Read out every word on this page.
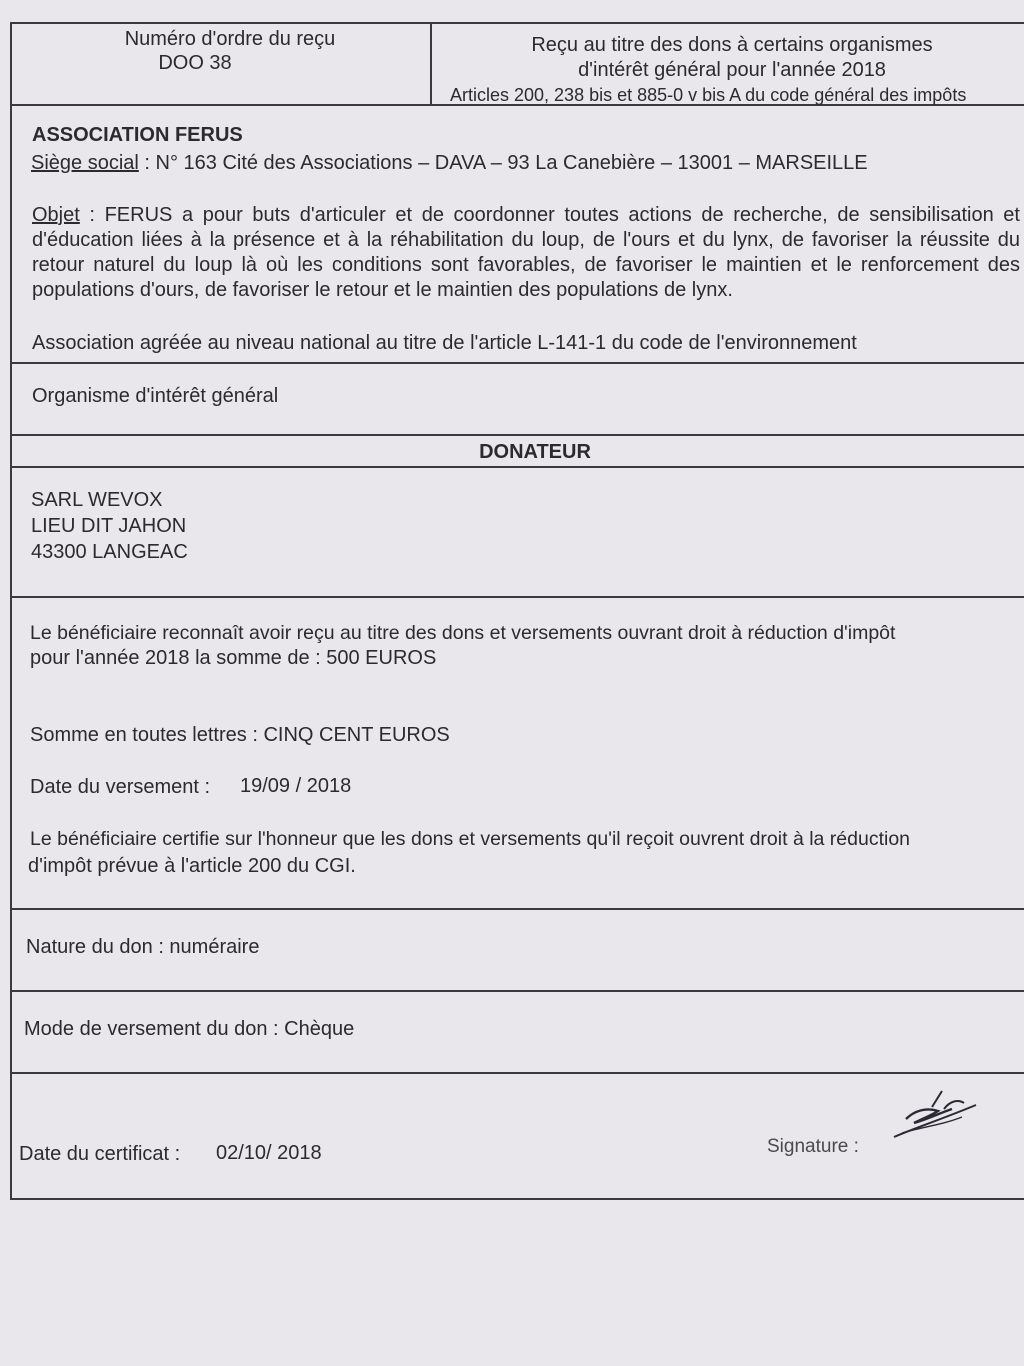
Numéro d'ordre du reçu
DOO 38
Reçu au titre des dons à certains organismes
d'intérêt général pour l'année 2018
Articles 200, 238 bis et 885-0 v bis A du code général des impôts
ASSOCIATION FERUS
Siège social : N° 163 Cité des Associations – DAVA – 93 La Canebière – 13001 – MARSEILLE
Objet : FERUS a pour buts d'articuler et de coordonner toutes actions de recherche, de sensibilisation et d'éducation liées à la présence et à la réhabilitation du loup, de l'ours et du lynx, de favoriser la réussite du retour naturel du loup là où les conditions sont favorables, de favoriser le maintien et le renforcement des populations d'ours, de favoriser le retour et le maintien des populations de lynx.
Association agréée au niveau national au titre de l'article L-141-1 du code de l'environnement
Organisme d'intérêt général
DONATEUR
SARL WEVOX
LIEU DIT JAHON
43300 LANGEAC
Le bénéficiaire reconnaît avoir reçu au titre des dons et versements ouvrant droit à réduction d'impôt
pour l'année 2018 la somme de : 500 EUROS
Somme en toutes lettres : CINQ CENT EUROS
Date du versement : 19/09 / 2018
Le bénéficiaire certifie sur l'honneur que les dons et versements qu'il reçoit ouvrent droit à la réduction
d'impôt prévue à l'article 200 du CGI.
Nature du don : numéraire
Mode de versement du don : Chèque
Date du certificat : 02/10/ 2018	Signature :
